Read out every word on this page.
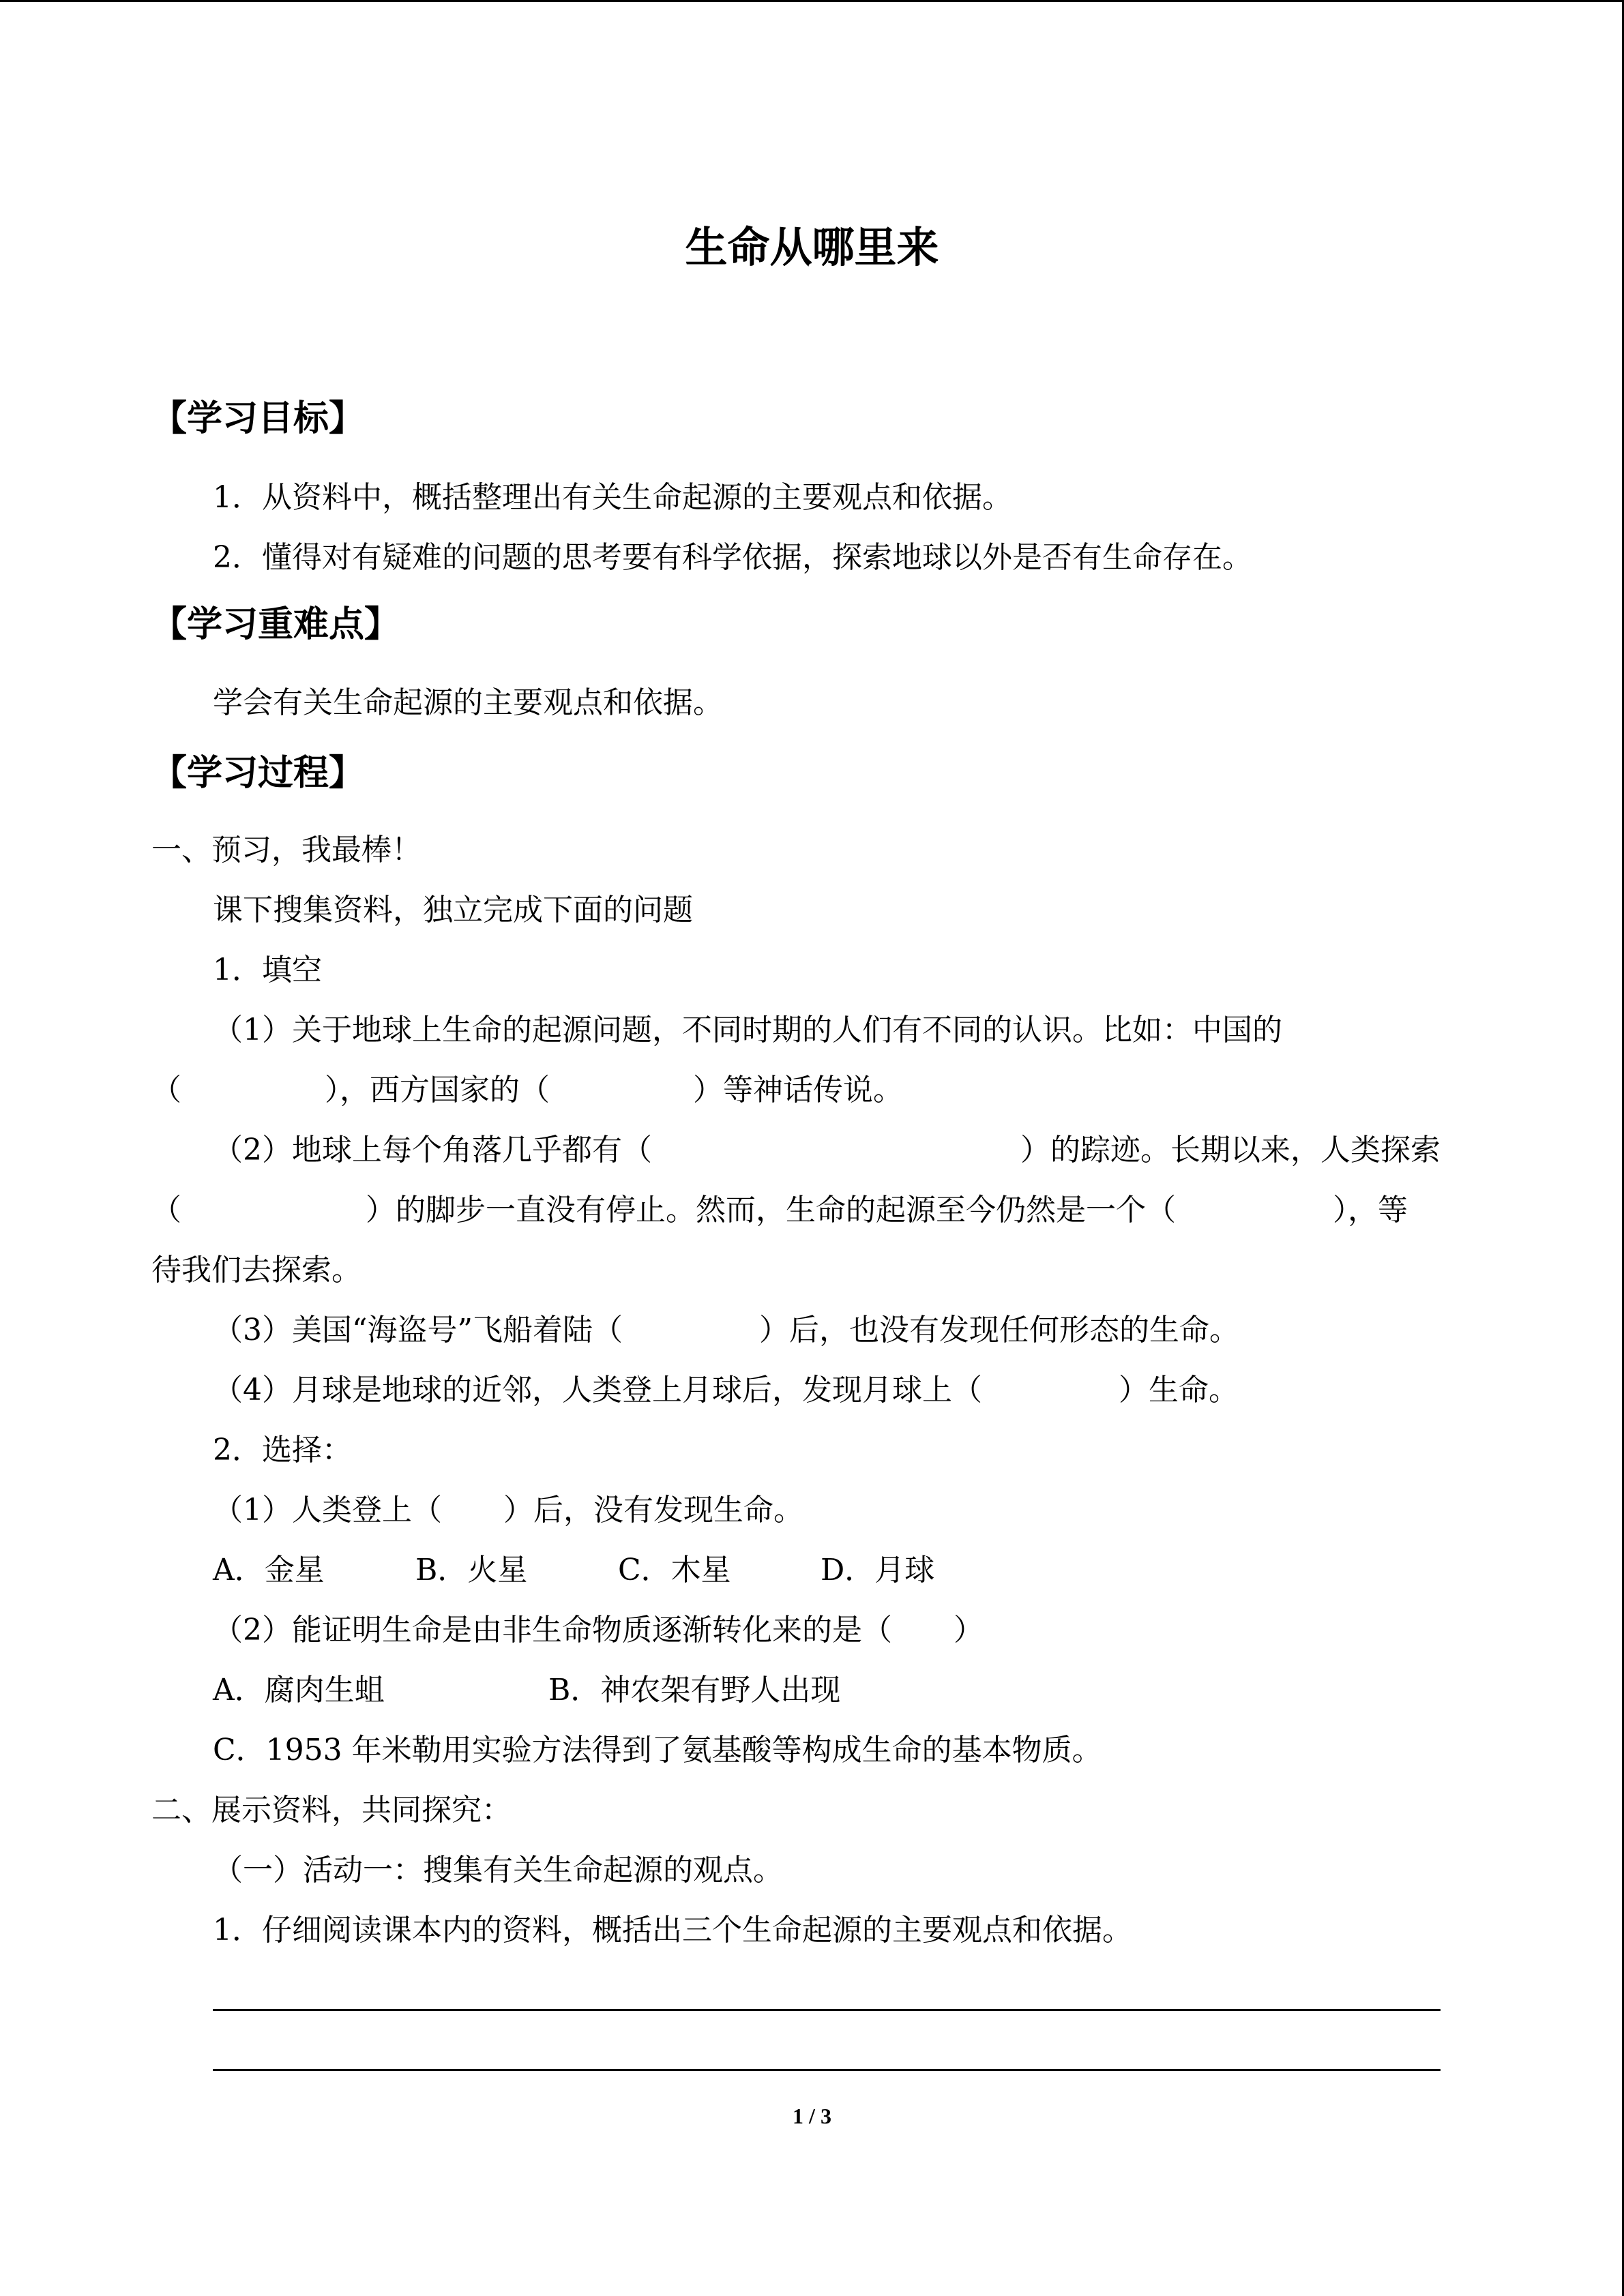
生命从哪里来
【学习目标】
1．从资料中，概括整理出有关生命起源的主要观点和依据。
2．懂得对有疑难的问题的思考要有科学依据，探索地球以外是否有生命存在。
【学习重难点】
学会有关生命起源的主要观点和依据。
【学习过程】
一、预习，我最棒！
课下搜集资料，独立完成下面的问题
1．填空
（1）关于地球上生命的起源问题，不同时期的人们有不同的认识。比如：中国的
（	），西方国家的（	）等神话传说。
（2）地球上每个角落几乎都有（	）的踪迹。长期以来，人类探索
（	）的脚步一直没有停止。然而，生命的起源至今仍然是一个（	），等
待我们去探索。
（3）美国“海盗号”飞船着陆（	）后，也没有发现任何形态的生命。
（4）月球是地球的近邻，人类登上月球后，发现月球上（	）生命。
2．选择：
（1）人类登上（ ）后，没有发现生命。
A．金星	B．火星	C．木星	D．月球
（2）能证明生命是由非生命物质逐渐转化来的是（ ）
A．腐肉生蛆	B．神农架有野人出现
C．1953 年米勒用实验方法得到了氨基酸等构成生命的基本物质。
二、展示资料，共同探究：
（一）活动一：搜集有关生命起源的观点。
1．仔细阅读课本内的资料，概括出三个生命起源的主要观点和依据。
1 / 3
